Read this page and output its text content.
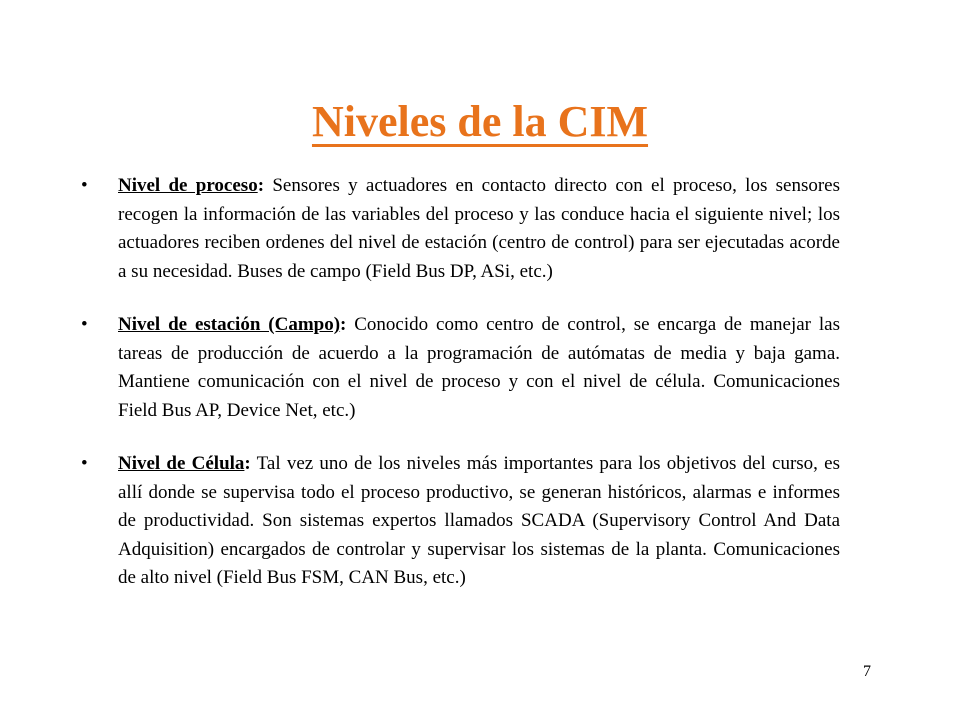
Niveles de la CIM
• Nivel de proceso: Sensores y actuadores en contacto directo con el proceso, los sensores recogen la información de las variables del proceso y las conduce hacia el siguiente nivel; los actuadores reciben ordenes del nivel de estación (centro de control) para ser ejecutadas acorde a su necesidad. Buses de campo (Field Bus DP, ASi, etc.)
• Nivel de estación (Campo): Conocido como centro de control, se encarga de manejar las tareas de producción de acuerdo a la programación de autómatas de media y baja gama. Mantiene comunicación con el nivel de proceso y con el nivel de célula. Comunicaciones Field Bus AP, Device Net, etc.)
• Nivel de Célula: Tal vez uno de los niveles más importantes para los objetivos del curso, es allí donde se supervisa todo el proceso productivo, se generan históricos, alarmas e informes de productividad. Son sistemas expertos llamados SCADA (Supervisory Control And Data Adquisition) encargados de controlar y supervisar los sistemas de la planta. Comunicaciones de alto nivel (Field Bus FSM, CAN Bus, etc.)
7
